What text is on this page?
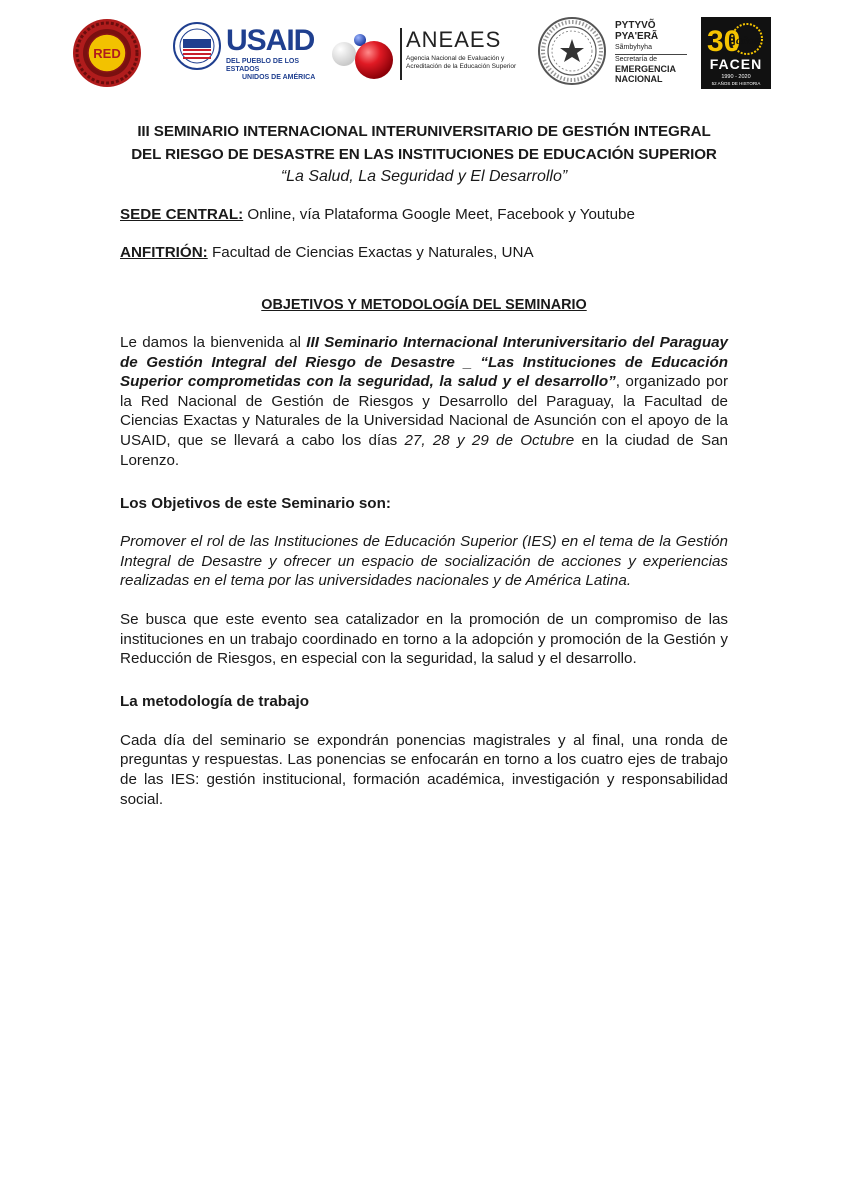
RED	USAID
DEL PUEBLO DE LOS ESTADOS
UNIDOS DE AMÉRICA
ANEAES
Agencia Nacional de Evaluación y
Acreditación de la Educación Superior
PYTYVÕ
PYA'ERÃ
Sãmbyhyha
Secretaría de
EMERGENCIA
NACIONAL
30
años
FACEN
1990 - 2020
52 AÑOS DE HISTORIA

III SEMINARIO INTERNACIONAL INTERUNIVERSITARIO DE GESTIÓN INTEGRAL
DEL RIESGO DE DESASTRE EN LAS INSTITUCIONES DE EDUCACIÓN SUPERIOR

“La Salud, La Seguridad y El Desarrollo”

SEDE CENTRAL: Online, vía Plataforma Google Meet, Facebook y Youtube

ANFITRIÓN: Facultad de Ciencias Exactas y Naturales, UNA

OBJETIVOS Y METODOLOGÍA DEL SEMINARIO

Le damos la bienvenida al III Seminario Internacional Interuniversitario del Paraguay de Gestión Integral del Riesgo de Desastre _ “Las Instituciones de Educación Superior comprometidas con la seguridad, la salud y el desarrollo”, organizado por la Red Nacional de Gestión de Riesgos y Desarrollo del Paraguay, la Facultad de Ciencias Exactas y Naturales de la Universidad Nacional de Asunción con el apoyo de la USAID, que se llevará a cabo los días 27, 28 y 29 de Octubre en la ciudad de San Lorenzo.

Los Objetivos de este Seminario son:

Promover el rol de las Instituciones de Educación Superior (IES) en el tema de la Gestión Integral de Desastre y ofrecer un espacio de socialización de acciones y experiencias realizadas en el tema por las universidades nacionales y de América Latina.

Se busca que este evento sea catalizador en la promoción de un compromiso de las instituciones en un trabajo coordinado en torno a la adopción y promoción de la Gestión y Reducción de Riesgos, en especial con la seguridad, la salud y el desarrollo.

La metodología de trabajo

Cada día del seminario se expondrán ponencias magistrales y al final, una ronda de preguntas y respuestas. Las ponencias se enfocarán en torno a los cuatro ejes de trabajo de las IES: gestión institucional, formación académica, investigación y responsabilidad social.
